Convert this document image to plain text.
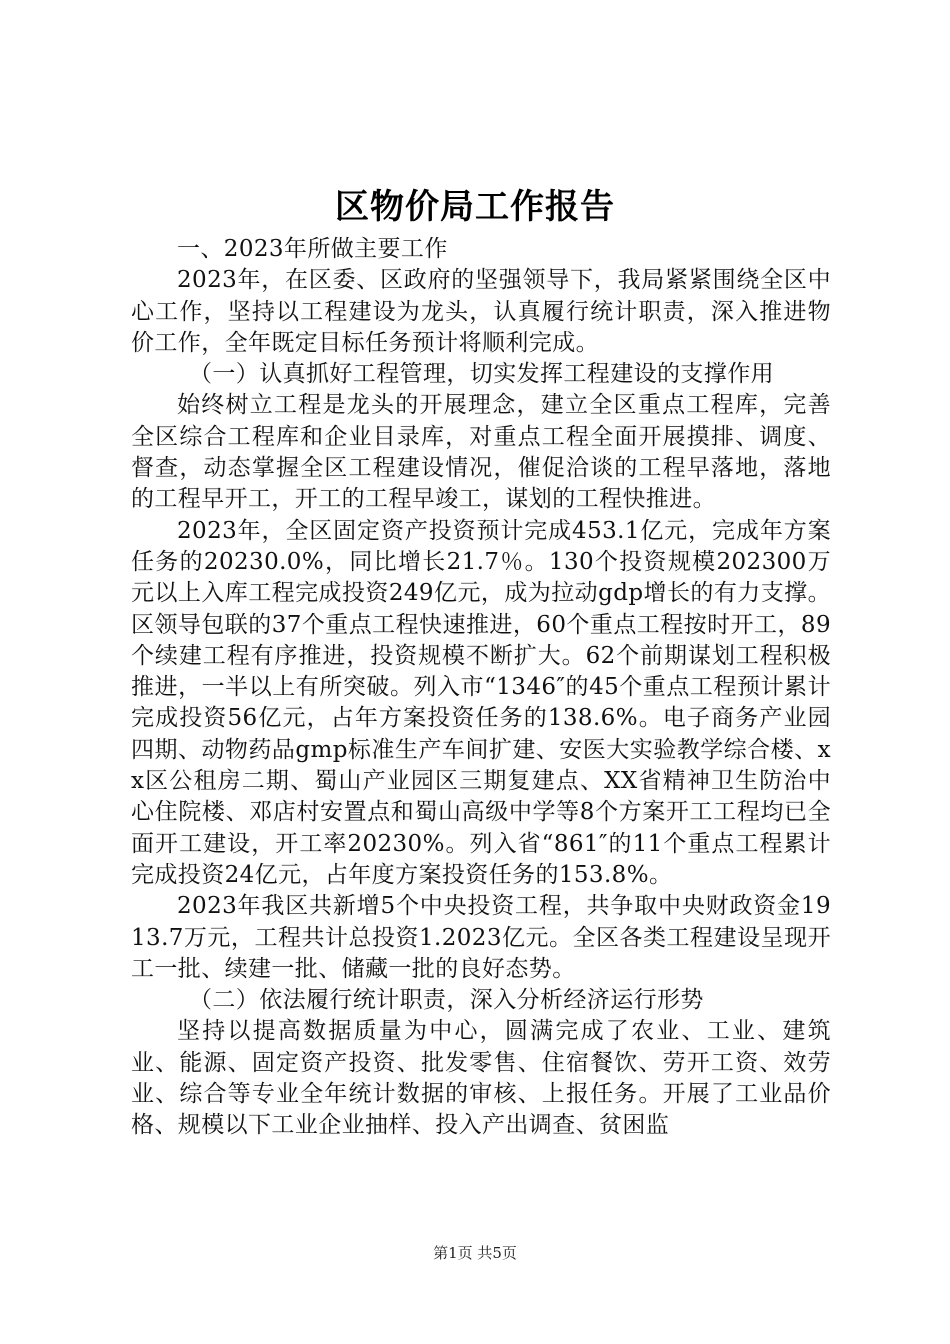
区物价局工作报告

一、2023年所做主要工作

2023年，在区委、区政府的坚强领导下，我局紧紧围绕全区中心工作，坚持以工程建设为龙头，认真履行统计职责，深入推进物价工作，全年既定目标任务预计将顺利完成。

（一）认真抓好工程管理，切实发挥工程建设的支撑作用

始终树立工程是龙头的开展理念，建立全区重点工程库，完善全区综合工程库和企业目录库，对重点工程全面开展摸排、调度、督查，动态掌握全区工程建设情况，催促洽谈的工程早落地，落地的工程早开工，开工的工程早竣工，谋划的工程快推进。

2023年，全区固定资产投资预计完成453.1亿元，完成年方案任务的20230.0%，同比增长21.7％。130个投资规模202300万元以上入库工程完成投资249亿元，成为拉动gdp增长的有力支撑。区领导包联的37个重点工程快速推进，60个重点工程按时开工，89个续建工程有序推进，投资规模不断扩大。62个前期谋划工程积极推进，一半以上有所突破。列入市“1346″的45个重点工程预计累计完成投资56亿元，占年方案投资任务的138.6%。电子商务产业园四期、动物药品gmp标准生产车间扩建、安医大实验教学综合楼、xx区公租房二期、蜀山产业园区三期复建点、XX省精神卫生防治中心住院楼、邓店村安置点和蜀山高级中学等8个方案开工工程均已全面开工建设，开工率20230%。列入省“861″的11个重点工程累计完成投资24亿元，占年度方案投资任务的153.8%。

2023年我区共新增5个中央投资工程，共争取中央财政资金1913.7万元，工程共计总投资1.2023亿元。全区各类工程建设呈现开工一批、续建一批、储藏一批的良好态势。

（二）依法履行统计职责，深入分析经济运行形势

坚持以提高数据质量为中心，圆满完成了农业、工业、建筑业、能源、固定资产投资、批发零售、住宿餐饮、劳开工资、效劳业、综合等专业全年统计数据的审核、上报任务。开展了工业品价格、规模以下工业企业抽样、投入产出调查、贫困监

第1页 共5页
